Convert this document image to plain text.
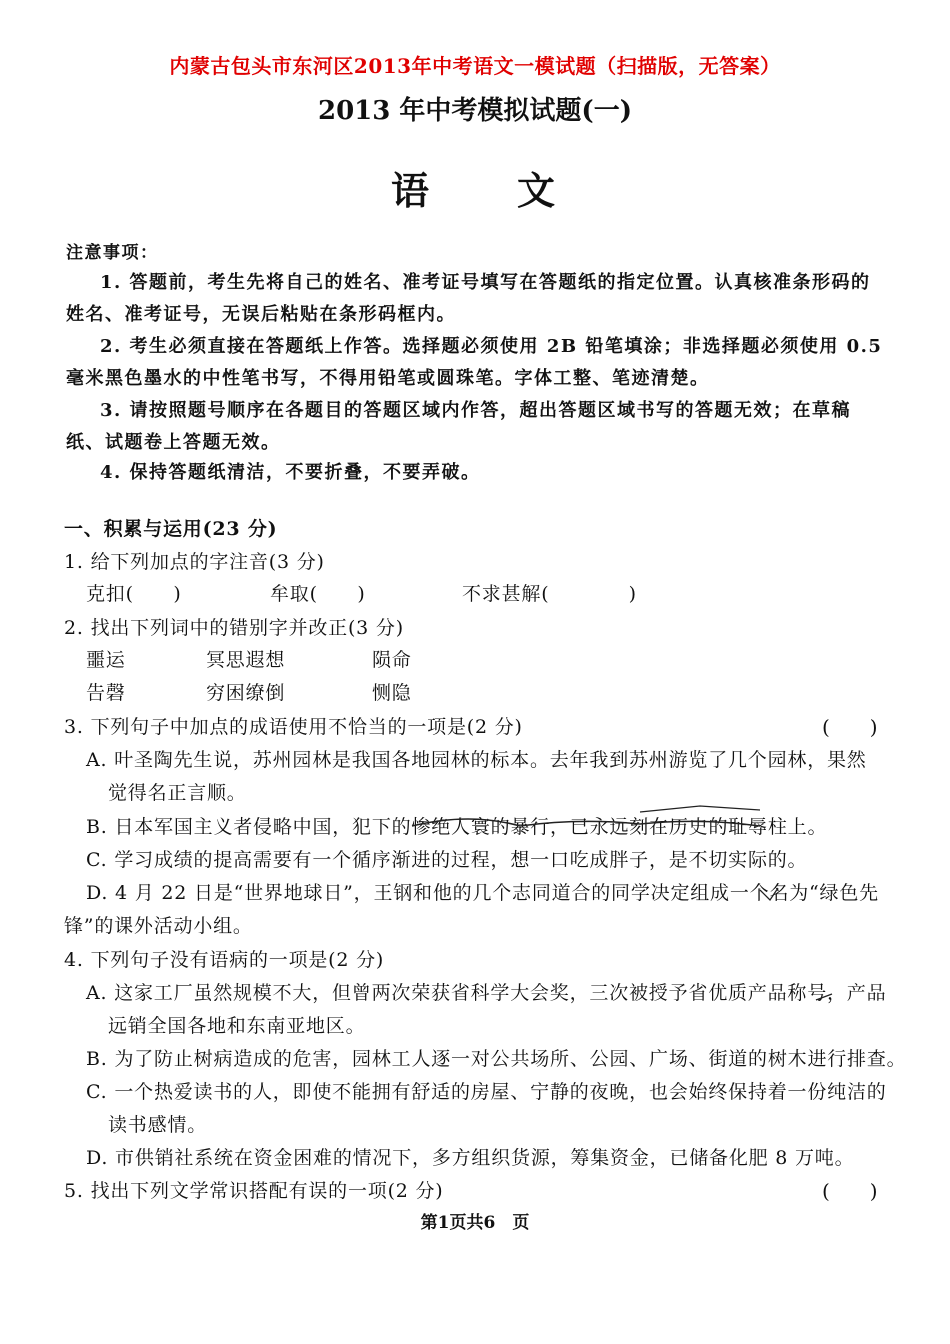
内蒙古包头市东河区2013年中考语文一模试题（扫描版，无答案）
2013 年中考模拟试题(一)
语　　文
注意事项：
1. 答题前，考生先将自己的姓名、准考证号填写在答题纸的指定位置。认真核准条形码的
姓名、准考证号，无误后粘贴在条形码框内。
2. 考生必须直接在答题纸上作答。选择题必须使用 2B 铅笔填涂；非选择题必须使用 0.5
毫米黑色墨水的中性笔书写，不得用铅笔或圆珠笔。字体工整、笔迹清楚。
3. 请按照题号顺序在各题目的答题区域内作答，超出答题区域书写的答题无效；在草稿
纸、试题卷上答题无效。
4. 保持答题纸清洁，不要折叠，不要弄破。
一、积累与运用(23 分)
1. 给下列加点的字注音(3 分)
克扣(　　)	牟取(　　)	不求甚解(　　　　)
2. 找出下列词中的错别字并改正(3 分)
噩运	冥思遐想	陨命
告磬	穷困缭倒	恻隐
3. 下列句子中加点的成语使用不恰当的一项是(2 分)	(　　)
A. 叶圣陶先生说，苏州园林是我国各地园林的标本。去年我到苏州游览了几个园林，果然
觉得名正言顺。
B. 日本军国主义者侵略中国，犯下的惨绝人寰的暴行，已永远刻在历史的耻辱柱上。
C. 学习成绩的提高需要有一个循序渐进的过程，想一口吃成胖子，是不切实际的。
D. 4 月 22 日是“世界地球日”，王钢和他的几个志同道合的同学决定组成一个名为“绿色先
锋”的课外活动小组。
4. 下列句子没有语病的一项是(2 分)
A. 这家工厂虽然规模不大，但曾两次荣获省科学大会奖，三次被授予省优质产品称号，产品
远销全国各地和东南亚地区。
B. 为了防止树病造成的危害，园林工人逐一对公共场所、公园、广场、街道的树木进行排查。
C. 一个热爱读书的人，即使不能拥有舒适的房屋、宁静的夜晚，也会始终保持着一份纯洁的
读书感情。
D. 市供销社系统在资金困难的情况下，多方组织货源，筹集资金，已储备化肥 8 万吨。
5. 找出下列文学常识搭配有误的一项(2 分)	(　　)
第1页共6　页
